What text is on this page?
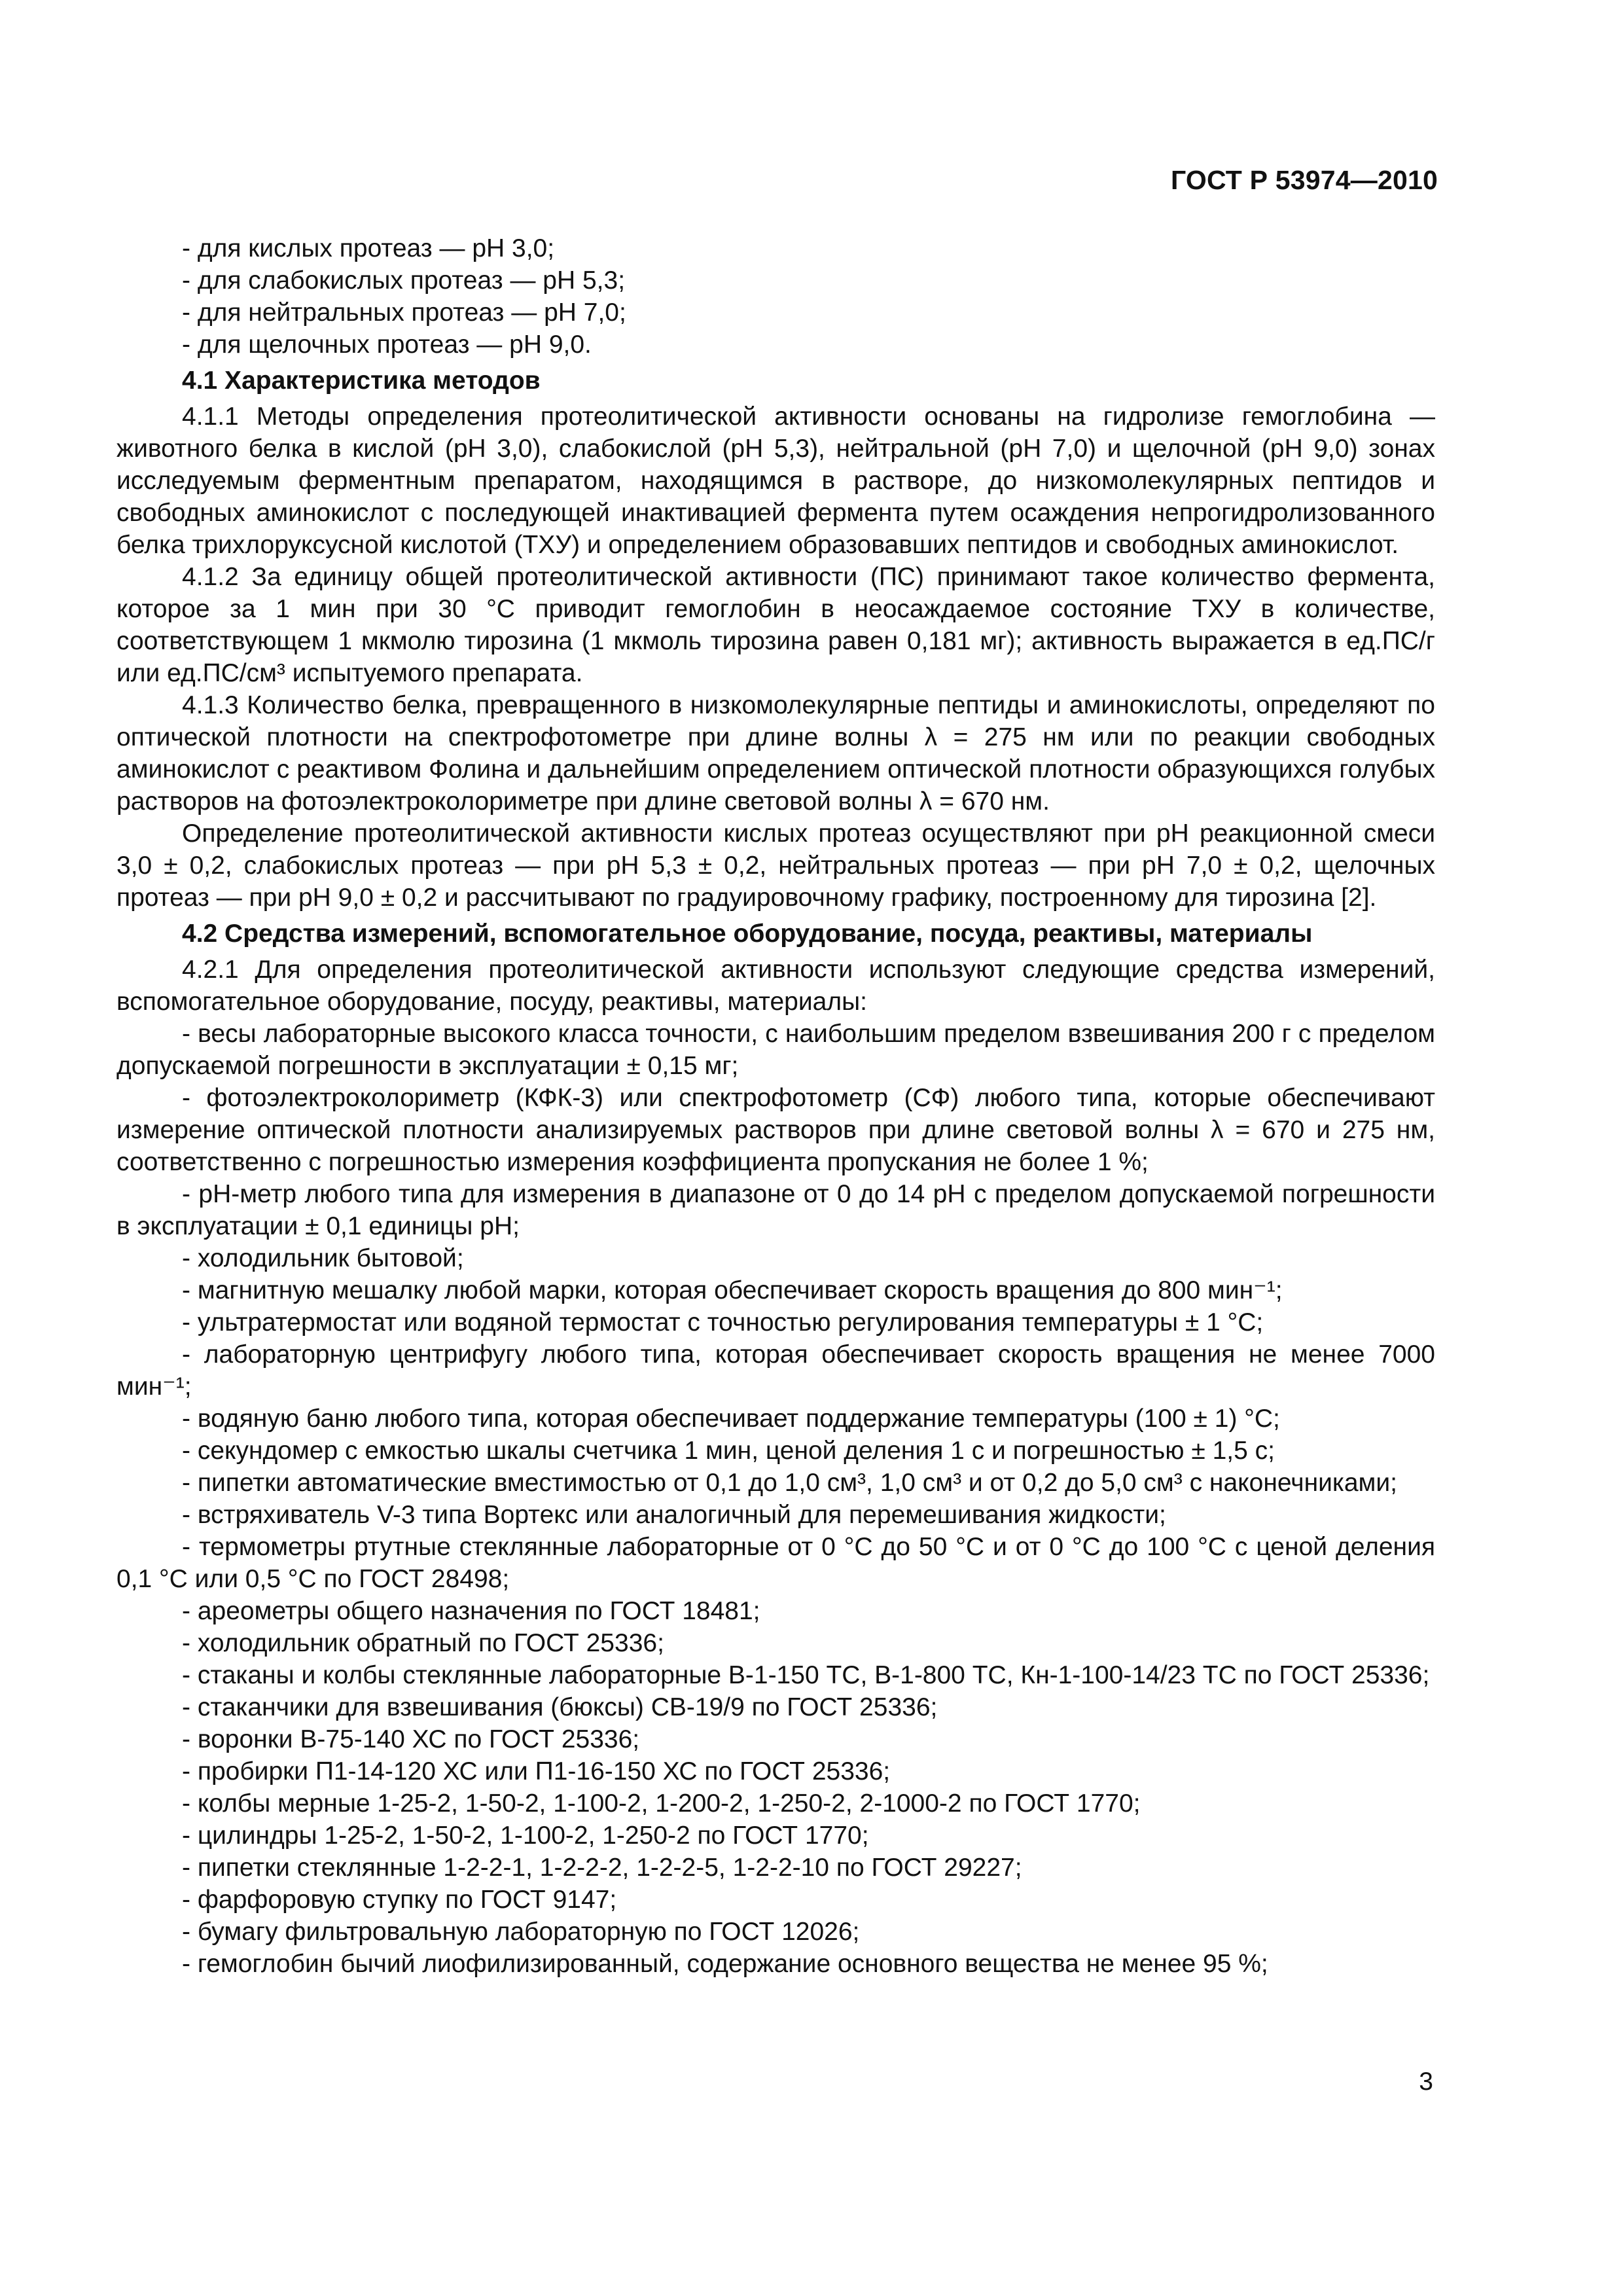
ГОСТ Р 53974—2010

- для кислых протеаз — рН 3,0;

- для слабокислых протеаз — рН 5,3;

- для нейтральных протеаз — рН 7,0;

- для щелочных протеаз — рН 9,0.

4.1 Характеристика методов

4.1.1 Методы определения протеолитической активности основаны на гидролизе гемоглобина — животного белка в кислой (рН 3,0), слабокислой (рН 5,3), нейтральной (рН 7,0) и щелочной (рН 9,0) зонах исследуемым ферментным препаратом, находящимся в растворе, до низкомолекулярных пептидов и свободных аминокислот с последующей инактивацией фермента путем осаждения непрогидролизованного белка трихлоруксусной кислотой (ТХУ) и определением образовавших пептидов и свободных аминокислот.

4.1.2 За единицу общей протеолитической активности (ПС) принимают такое количество фермента, которое за 1 мин при 30 °С приводит гемоглобин в неосаждаемое состояние ТХУ в количестве, соответствующем 1 мкмолю тирозина (1 мкмоль тирозина равен 0,181 мг); активность выражается в ед.ПС/г или ед.ПС/см³ испытуемого препарата.

4.1.3 Количество белка, превращенного в низкомолекулярные пептиды и аминокислоты, определяют по оптической плотности на спектрофотометре при длине волны λ = 275 нм или по реакции свободных аминокислот с реактивом Фолина и дальнейшим определением оптической плотности образующихся голубых растворов на фотоэлектроколориметре при длине световой волны λ = 670 нм.

Определение протеолитической активности кислых протеаз осуществляют при рН реакционной смеси 3,0 ± 0,2, слабокислых протеаз — при рН 5,3 ± 0,2, нейтральных протеаз — при рН 7,0 ± 0,2, щелочных протеаз — при рН 9,0 ± 0,2 и рассчитывают по градуировочному графику, построенному для тирозина [2].

4.2 Средства измерений, вспомогательное оборудование, посуда, реактивы, материалы

4.2.1 Для определения протеолитической активности используют следующие средства измерений, вспомогательное оборудование, посуду, реактивы, материалы:

- весы лабораторные высокого класса точности, с наибольшим пределом взвешивания 200 г с пределом допускаемой погрешности в эксплуатации ± 0,15 мг;

- фотоэлектроколориметр (КФК-3) или спектрофотометр (СФ) любого типа, которые обеспечивают измерение оптической плотности анализируемых растворов при длине световой волны λ = 670 и 275 нм, соответственно с погрешностью измерения коэффициента пропускания не более 1 %;

- рН-метр любого типа для измерения в диапазоне от 0 до 14 рН с пределом допускаемой погрешности в эксплуатации ± 0,1 единицы рН;

- холодильник бытовой;

- магнитную мешалку любой марки, которая обеспечивает скорость вращения до 800 мин⁻¹;

- ультратермостат или водяной термостат с точностью регулирования температуры ± 1 °С;

- лабораторную центрифугу любого типа, которая обеспечивает скорость вращения не менее 7000 мин⁻¹;

- водяную баню любого типа, которая обеспечивает поддержание температуры (100 ± 1) °С;

- секундомер с емкостью шкалы счетчика 1 мин, ценой деления 1 с и погрешностью ± 1,5 с;

- пипетки автоматические вместимостью от 0,1 до 1,0 см³, 1,0 см³ и от 0,2 до 5,0 см³ с наконечниками;

- встряхиватель V-3 типа Вортекс или аналогичный для перемешивания жидкости;

- термометры ртутные стеклянные лабораторные от 0 °С до 50 °С и от 0 °С до 100 °С с ценой деления 0,1 °С или 0,5 °С по ГОСТ 28498;

- ареометры общего назначения по ГОСТ 18481;

- холодильник обратный по ГОСТ 25336;

- стаканы и колбы стеклянные лабораторные В-1-150 ТС, В-1-800 ТС, Кн-1-100-14/23 ТС по ГОСТ 25336;

- стаканчики для взвешивания (бюксы) СВ-19/9 по ГОСТ 25336;

- воронки В-75-140 ХС по ГОСТ 25336;

- пробирки П1-14-120 ХС или П1-16-150 ХС по ГОСТ 25336;

- колбы мерные 1-25-2, 1-50-2, 1-100-2, 1-200-2, 1-250-2, 2-1000-2 по ГОСТ 1770;

- цилиндры 1-25-2, 1-50-2, 1-100-2, 1-250-2 по ГОСТ 1770;

- пипетки стеклянные 1-2-2-1, 1-2-2-2, 1-2-2-5, 1-2-2-10 по ГОСТ 29227;

- фарфоровую ступку по ГОСТ 9147;

- бумагу фильтровальную лабораторную по ГОСТ 12026;

- гемоглобин бычий лиофилизированный, содержание основного вещества не менее 95 %;

3
